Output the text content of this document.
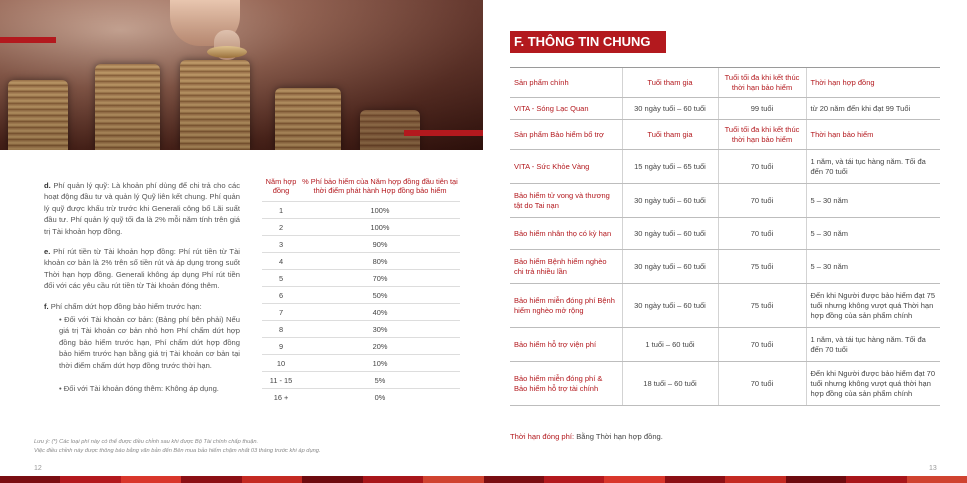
d. Phí quản lý quỹ: Là khoản phí dùng để chi trả cho các hoạt động đầu tư và quản lý Quỹ liên kết chung. Phí quản lý quỹ được khấu trừ trước khi Generali công bố Lãi suất đầu tư. Phí quản lý quỹ tối đa là 2% mỗi năm tính trên giá trị Tài khoản hợp đồng.
e. Phí rút tiền từ Tài khoản hợp đồng: Phí rút tiền từ Tài khoản cơ bản là 2% trên số tiền rút và áp dụng trong suốt Thời hạn hợp đồng. Generali không áp dụng Phí rút tiền đối với các yêu cầu rút tiền từ Tài khoản đóng thêm.
f. Phí chấm dứt hợp đồng bảo hiểm trước hạn:
• Đối với Tài khoản cơ bản: (Bảng phí bên phải) Nếu giá trị Tài khoản cơ bản nhỏ hơn Phí chấm dứt hợp đồng bảo hiểm trước hạn, Phí chấm dứt hợp đồng bảo hiểm trước hạn bằng giá trị Tài khoản cơ bản tại thời điểm chấm dứt hợp đồng trước thời hạn.
• Đối với Tài khoản đóng thêm: Không áp dụng.
Năm hợp đồng	% Phí bảo hiểm của Năm hợp đồng đầu tiên tại thời điểm phát hành Hợp đồng bảo hiểm
1	100%
2	100%
3	90%
4	80%
5	70%
6	50%
7	40%
8	30%
9	20%
10	10%
11 - 15	5%
16 +	0%
Lưu ý: (*) Các loại phí này có thể được điều chỉnh sau khi được Bộ Tài chính chấp thuận.
Việc điều chỉnh này được thông báo bằng văn bản đến Bên mua bảo hiểm chậm nhất 03 tháng trước khi áp dụng.
12
F. THÔNG TIN CHUNG
Sản phẩm chính	Tuổi tham gia	Tuổi tối đa khi kết thúc thời hạn bảo hiểm	Thời hạn hợp đồng
VITA - Sóng Lạc Quan	30 ngày tuổi – 60 tuổi	99 tuổi	từ 20 năm đến khi đạt 99 Tuổi
Sản phẩm Bảo hiểm bổ trợ	Tuổi tham gia	Tuổi tối đa khi kết thúc thời hạn bảo hiểm	Thời hạn bảo hiểm
VITA - Sức Khỏe Vàng	15 ngày tuổi – 65 tuổi	70 tuổi	1 năm, và tái tục hàng năm. Tối đa đến 70 tuổi
Bảo hiểm tử vong và thương tật do Tai nạn	30 ngày tuổi – 60 tuổi	70 tuổi	5 – 30 năm
Bảo hiểm nhân thọ có kỳ hạn	30 ngày tuổi – 60 tuổi	70 tuổi	5 – 30 năm
Bảo hiểm Bệnh hiểm nghèo chi trả nhiều lần	30 ngày tuổi – 60 tuổi	75 tuổi	5 – 30 năm
Bảo hiểm miễn đóng phí Bệnh hiểm nghèo mở rộng	30 ngày tuổi – 60 tuổi	75 tuổi	Đến khi Người được bảo hiểm đạt 75 tuổi nhưng không vượt quá Thời hạn hợp đồng của sản phẩm chính
Bảo hiểm hỗ trợ viện phí	1 tuổi – 60 tuổi	70 tuổi	1 năm, và tái tục hàng năm. Tối đa đến 70 tuổi
Bảo hiểm miễn đóng phí & Bảo hiểm hỗ trợ tài chính	18 tuổi – 60 tuổi	70 tuổi	Đến khi Người được bảo hiểm đạt 70 tuổi nhưng không vượt quá thời hạn hợp đồng của sản phẩm chính
Thời hạn đóng phí: Bằng Thời hạn hợp đồng.
13
